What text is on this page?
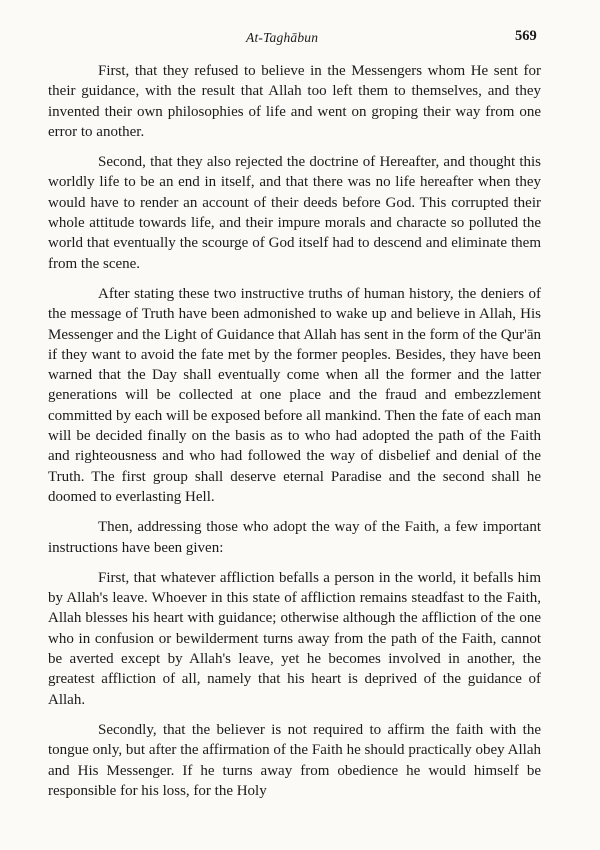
At-Taghābun	569

First, that they refused to believe in the Messengers whom He sent for their guidance, with the result that Allah too left them to themselves, and they invented their own philosophies of life and went on groping their way from one error to another.

Second, that they also rejected the doctrine of Hereafter, and thought this worldly life to be an end in itself, and that there was no life hereafter when they would have to render an account of their deeds before God. This corrupted their whole attitude towards life, and their impure morals and characte so polluted the world that eventually the scourge of God itself had to descend and eliminate them from the scene.

After stating these two instructive truths of human history, the deniers of the message of Truth have been admonished to wake up and believe in Allah, His Messenger and the Light of Guidance that Allah has sent in the form of the Qur'ān if they want to avoid the fate met by the former peoples. Besides, they have been warned that the Day shall eventually come when all the former and the latter generations will be collected at one place and the fraud and embezzlement committed by each will be exposed before all mankind. Then the fate of each man will be decided finally on the basis as to who had adopted the path of the Faith and righteousness and who had followed the way of disbelief and denial of the Truth. The first group shall deserve eternal Paradise and the second shall he doomed to everlasting Hell.

Then, addressing those who adopt the way of the Faith, a few important instructions have been given:

First, that whatever affliction befalls a person in the world, it befalls him by Allah's leave. Whoever in this state of affliction remains steadfast to the Faith, Allah blesses his heart with guidance; otherwise although the affliction of the one who in confusion or bewilderment turns away from the path of the Faith, cannot be averted except by Allah's leave, yet he becomes involved in another, the greatest affliction of all, namely that his heart is deprived of the guidance of Allah.

Secondly, that the believer is not required to affirm the faith with the tongue only, but after the affirmation of the Faith he should practically obey Allah and His Messenger. If he turns away from obedience he would himself be responsible for his loss, for the Holy
